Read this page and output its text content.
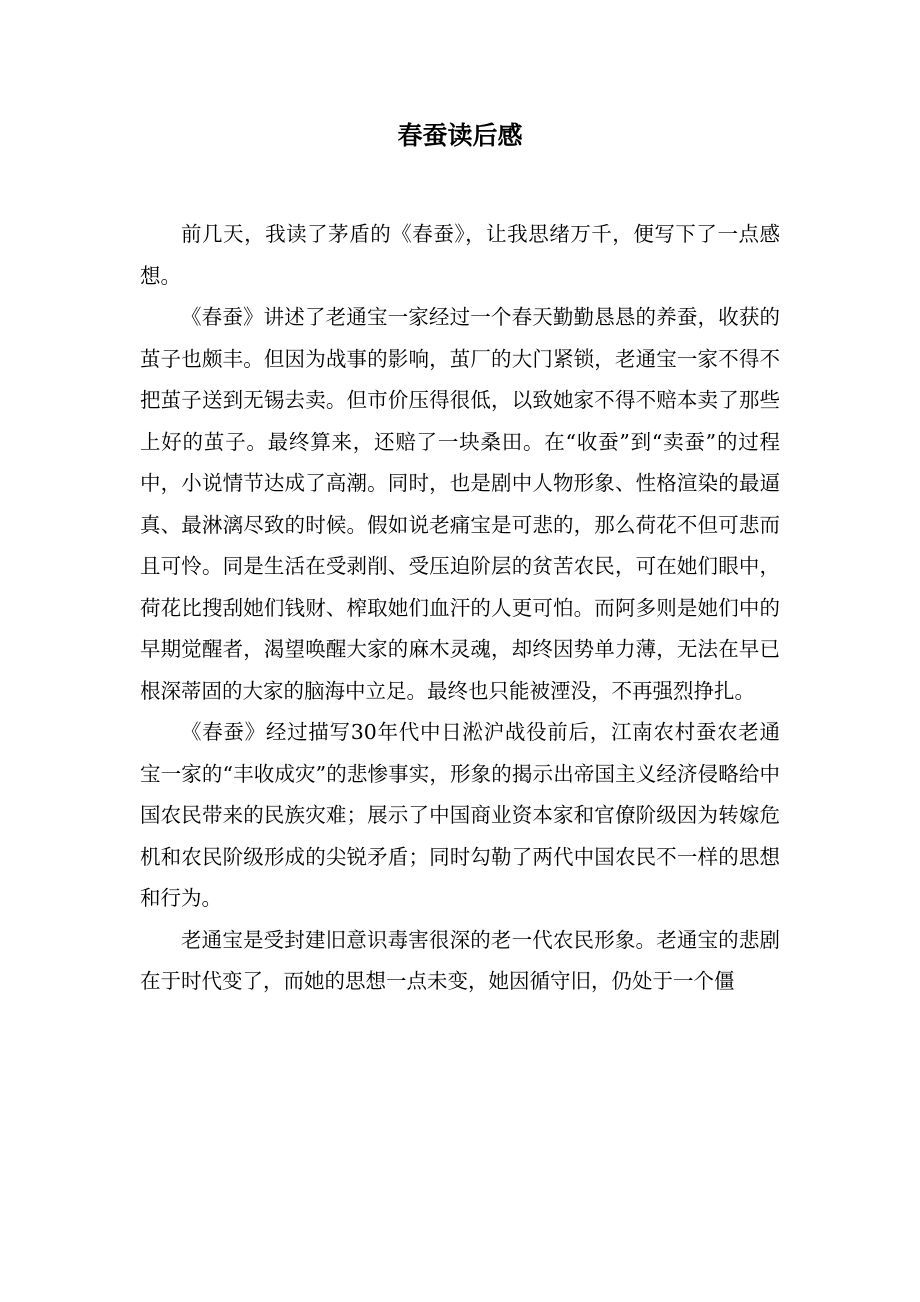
春蚕读后感

前几天，我读了茅盾的《春蚕》，让我思绪万千，便写下了一点感想。

《春蚕》讲述了老通宝一家经过一个春天勤勤恳恳的养蚕，收获的茧子也颇丰。但因为战事的影响，茧厂的大门紧锁，老通宝一家不得不把茧子送到无锡去卖。但市价压得很低，以致她家不得不赔本卖了那些上好的茧子。最终算来，还赔了一块桑田。在“收蚕”到“卖蚕”的过程中，小说情节达成了高潮。同时，也是剧中人物形象、性格渲染的最逼真、最淋漓尽致的时候。假如说老痛宝是可悲的，那么荷花不但可悲而且可怜。同是生活在受剥削、受压迫阶层的贫苦农民，可在她们眼中，荷花比搜刮她们钱财、榨取她们血汗的人更可怕。而阿多则是她们中的早期觉醒者，渴望唤醒大家的麻木灵魂，却终因势单力薄，无法在早已根深蒂固的大家的脑海中立足。最终也只能被湮没，不再强烈挣扎。

《春蚕》经过描写30年代中日淞沪战役前后，江南农村蚕农老通宝一家的“丰收成灾”的悲惨事实，形象的揭示出帝国主义经济侵略给中国农民带来的民族灾难；展示了中国商业资本家和官僚阶级因为转嫁危机和农民阶级形成的尖锐矛盾；同时勾勒了两代中国农民不一样的思想和行为。

老通宝是受封建旧意识毒害很深的老一代农民形象。老通宝的悲剧在于时代变了，而她的思想一点未变，她因循守旧，仍处于一个僵
